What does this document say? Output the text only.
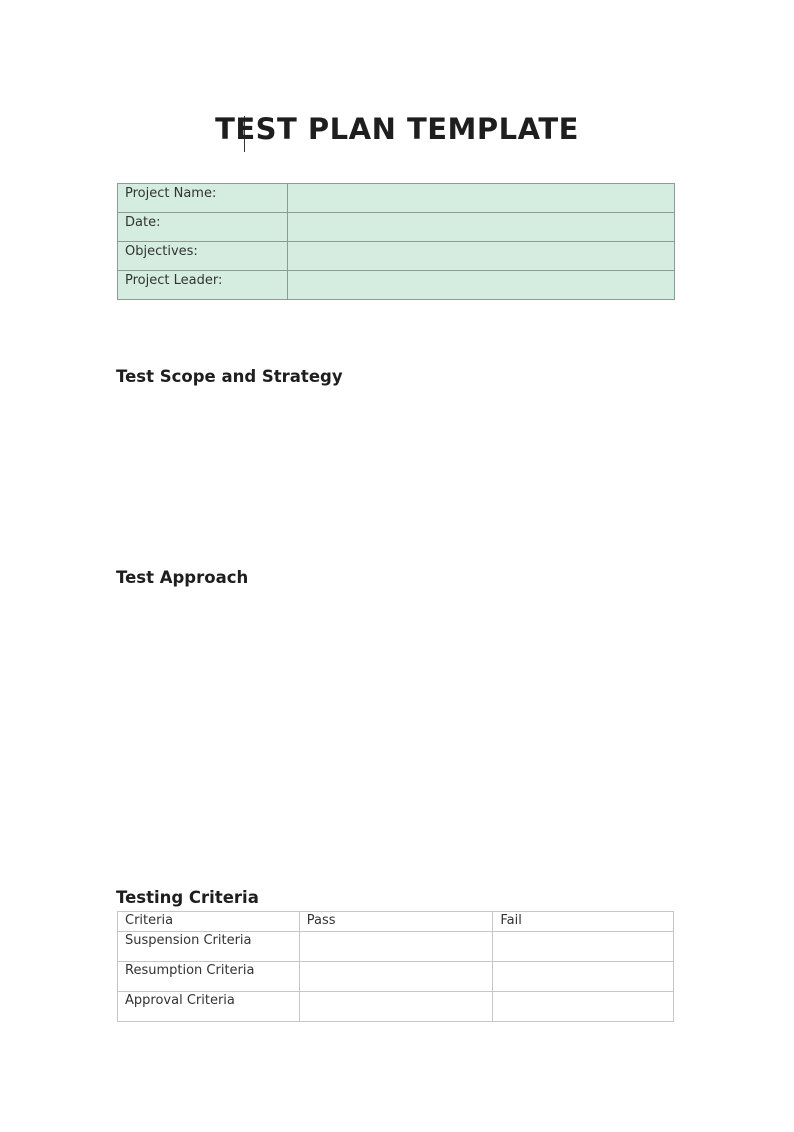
TEST PLAN TEMPLATE
Project Name:	
Date:	
Objectives:	
Project Leader:	
Test Scope and Strategy
Test Approach
Testing Criteria
Criteria	Pass	Fail
Suspension Criteria		
Resumption Criteria		
Approval Criteria		
